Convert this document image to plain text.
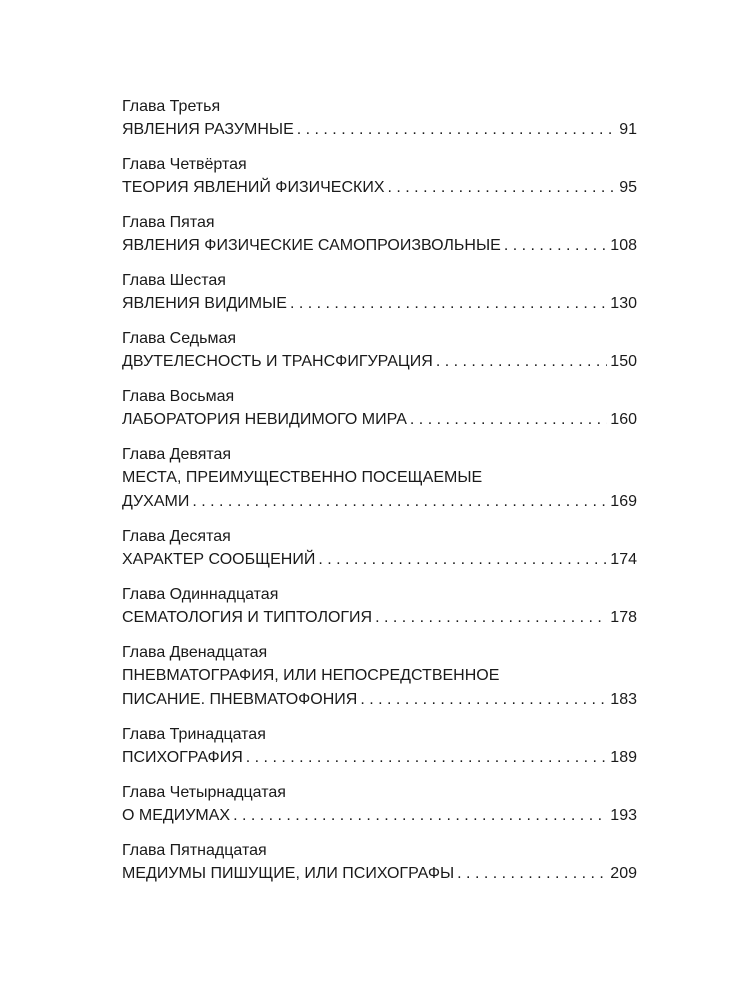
Глава Третья
ЯВЛЕНИЯ РАЗУМНЫЕ . . .	91
Глава Четвёртая
ТЕОРИЯ ЯВЛЕНИЙ ФИЗИЧЕСКИХ . . .	95
Глава Пятая
ЯВЛЕНИЯ ФИЗИЧЕСКИЕ САМОПРОИЗВОЛЬНЫЕ . . .	108
Глава Шестая
ЯВЛЕНИЯ ВИДИМЫЕ . . .	130
Глава Седьмая
ДВУТЕЛЕСНОСТЬ И ТРАНСФИГУРАЦИЯ . . .	150
Глава Восьмая
ЛАБОРАТОРИЯ НЕВИДИМОГО МИРА . . .	160
Глава Девятая
МЕСТА, ПРЕИМУЩЕСТВЕННО ПОСЕЩАЕМЫЕ
ДУХАМИ . . .	169
Глава Десятая
ХАРАКТЕР СООБЩЕНИЙ . . .	174
Глава Одиннадцатая
СЕМАТОЛОГИЯ И ТИПТОЛОГИЯ . . .	178
Глава Двенадцатая
ПНЕВМАТОГРАФИЯ, ИЛИ НЕПОСРЕДСТВЕННОЕ
ПИСАНИЕ. ПНЕВМАТОФОНИЯ . . .	183
Глава Тринадцатая
ПСИХОГРАФИЯ . . .	189
Глава Четырнадцатая
О МЕДИУМАХ . . .	193
Глава Пятнадцатая
МЕДИУМЫ ПИШУЩИЕ, ИЛИ ПСИХОГРАФЫ . . .	209
